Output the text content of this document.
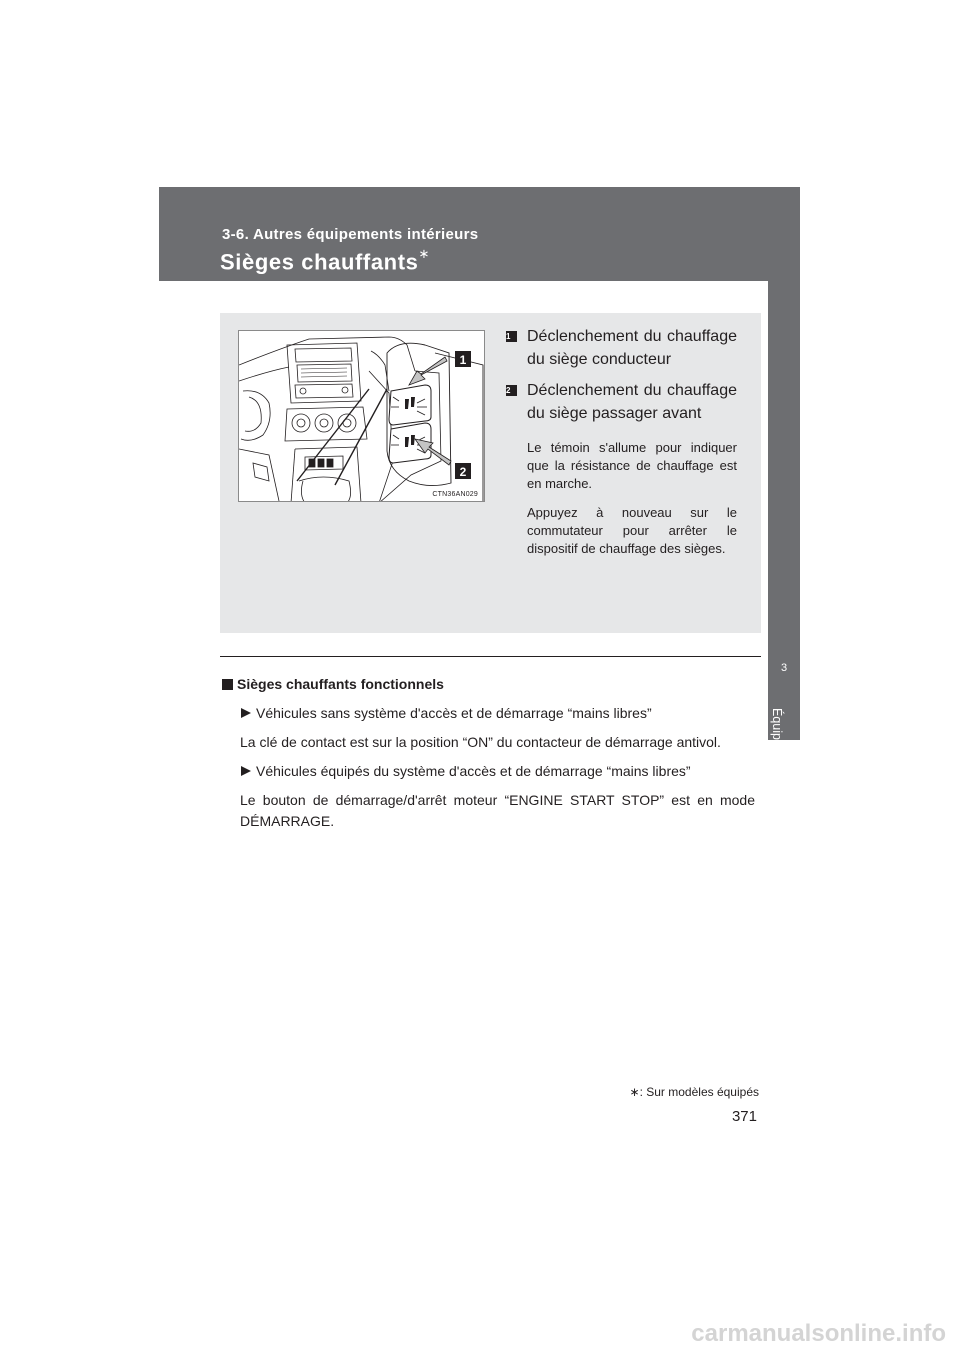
3-6. Autres équipements intérieurs
Sièges chauffants∗
3
Équipements intérieurs
1
2
CTN36AN029
1	Déclenchement du chauffage du siège conducteur
2	Déclenchement du chauffage du siège passager avant
Le témoin s'allume pour indiquer que la résistance de chauffage est en marche.
Appuyez à nouveau sur le commutateur pour arrêter le dispositif de chauffage des sièges.
Sièges chauffants fonctionnels
Véhicules sans système d'accès et de démarrage “mains libres”
La clé de contact est sur la position “ON” du contacteur de démarrage antivol.
Véhicules équipés du système d'accès et de démarrage “mains libres”
Le bouton de démarrage/d'arrêt moteur “ENGINE START STOP” est en mode DÉMARRAGE.
∗: Sur modèles équipés
371
carmanualsonline.info
